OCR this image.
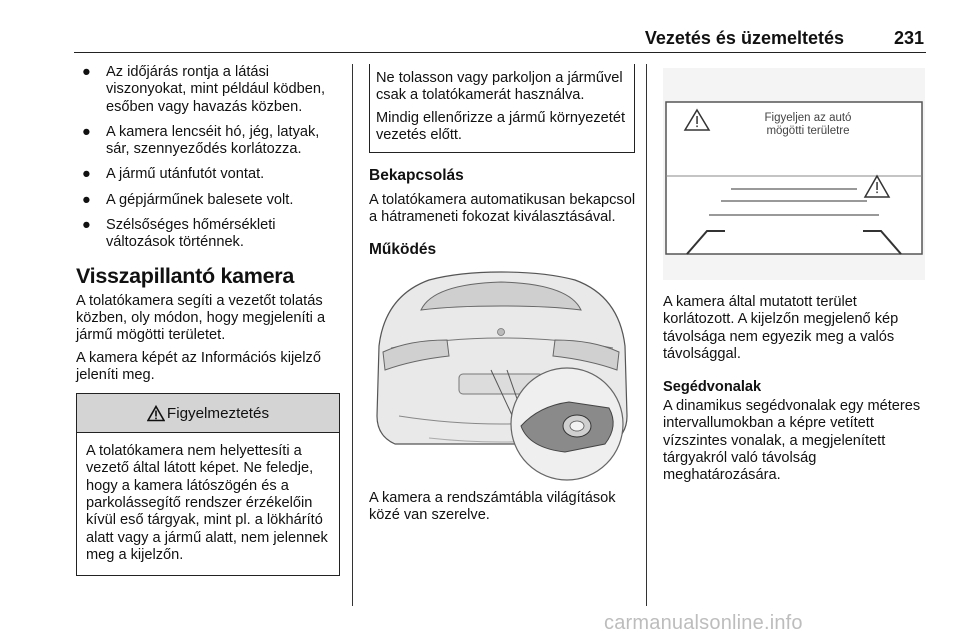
Vezetés és üzemeltetés	231
● Az időjárás rontja a látási viszonyokat, mint például ködben, esőben vagy havazás közben.
● A kamera lencséit hó, jég, latyak, sár, szennyeződés korlátozza.
● A jármű utánfutót vontat.
● A gépjárműnek balesete volt.
● Szélsőséges hőmérsékleti változások történnek.
Visszapillantó kamera

A tolatókamera segíti a vezetőt tolatás közben, oly módon, hogy megjeleníti a jármű mögötti területet.

A kamera képét az Információs kijelző jeleníti meg.

Figyelmeztetés
A tolatókamera nem helyettesíti a vezető által látott képet. Ne feledje, hogy a kamera látószögén és a parkolássegítő rendszer érzékelőin kívül eső tárgyak, mint pl. a lökhárító alatt vagy a jármű alatt, nem jelennek meg a kijelzőn.

Ne tolasson vagy parkoljon a járművel csak a tolatókamerát használva.

Mindig ellenőrizze a jármű környezetét vezetés előtt.

Bekapcsolás

A tolatókamera automatikusan bekapcsol a hátrameneti fokozat kiválasztásával.

Működés

A kamera a rendszámtábla világítások közé van szerelve.

Figyeljen az autó
mögötti területre

A kamera által mutatott terület korlátozott. A kijelzőn megjelenő kép távolsága nem egyezik meg a valós távolsággal.

Segédvonalak

A dinamikus segédvonalak egy méteres intervallumokban a képre vetített vízszintes vonalak, a megjelenített tárgyakról való távolság meghatározására.

carmanualsonline.info
